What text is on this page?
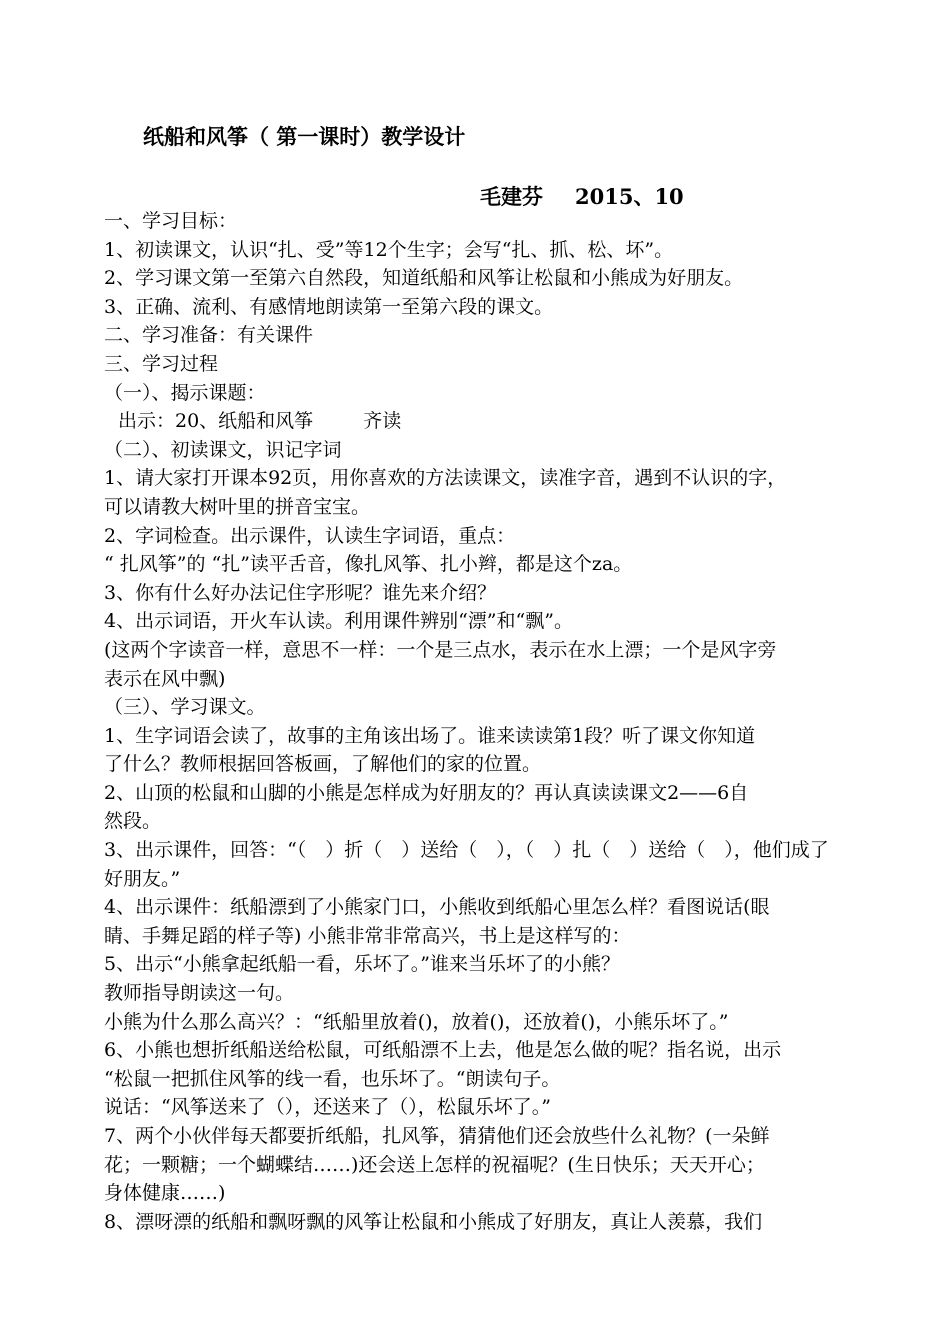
纸船和风筝（ 第一课时）教学设计
毛建芬 2015、10
一、学习目标：
1、初读课文，认识“扎、受”等12个生字；会写“扎、抓、松、坏”。
2、学习课文第一至第六自然段，知道纸船和风筝让松鼠和小熊成为好朋友。
3、正确、流利、有感情地朗读第一至第六段的课文。
二、学习准备：有关课件
三、学习过程
（一）、揭示课题：
出示：20、纸船和风筝	齐读
（二）、初读课文，识记字词
1、请大家打开课本92页，用你喜欢的方法读课文，读准字音，遇到不认识的字，
可以请教大树叶里的拼音宝宝。
2、字词检查。出示课件，认读生字词语，重点：
“ 扎风筝”的 “扎”读平舌音，像扎风筝、扎小辫，都是这个za。
3、你有什么好办法记住字形呢？谁先来介绍？
4、出示词语，开火车认读。利用课件辨别“漂”和“飘”。
(这两个字读音一样，意思不一样：一个是三点水，表示在水上漂；一个是风字旁
表示在风中飘)
（三）、学习课文。
1、生字词语会读了，故事的主角该出场了。谁来读读第1段？听了课文你知道
了什么？教师根据回答板画，了解他们的家的位置。
2、山顶的松鼠和山脚的小熊是怎样成为好朋友的？再认真读读课文2——6自
然段。
3、出示课件，回答：“（　）折（　）送给（　），（　）扎（　）送给（　），他们成了
好朋友。”
4、出示课件：纸船漂到了小熊家门口，小熊收到纸船心里怎么样？看图说话(眼
睛、手舞足蹈的样子等) 小熊非常非常高兴，书上是这样写的：
5、出示“小熊拿起纸船一看，乐坏了。”谁来当乐坏了的小熊？
教师指导朗读这一句。
小熊为什么那么高兴？：“纸船里放着()，放着()，还放着()，小熊乐坏了。”
6、小熊也想折纸船送给松鼠，可纸船漂不上去，他是怎么做的呢？指名说，出示
“松鼠一把抓住风筝的线一看，也乐坏了。“朗读句子。
说话：“风筝送来了（），还送来了（），松鼠乐坏了。”
7、两个小伙伴每天都要折纸船，扎风筝，猜猜他们还会放些什么礼物？(一朵鲜
花；一颗糖；一个蝴蝶结……)还会送上怎样的祝福呢？(生日快乐；天天开心；
身体健康……)
8、漂呀漂的纸船和飘呀飘的风筝让松鼠和小熊成了好朋友，真让人羡慕，我们
